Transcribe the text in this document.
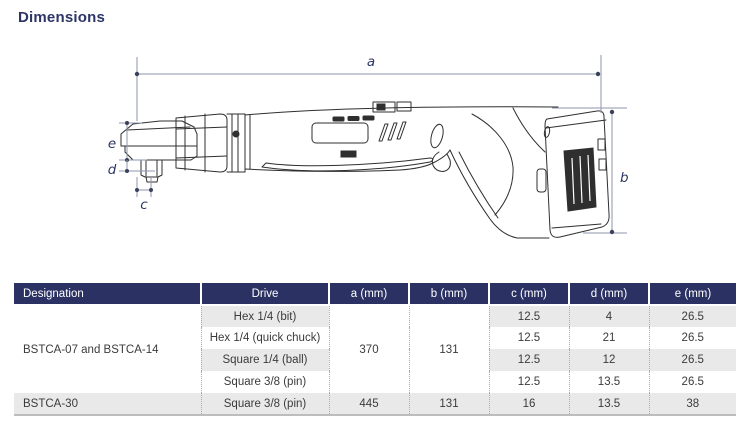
Dimensions
a
b
e
d
c
Designation	Drive	a (mm)	b (mm)	c (mm)	d (mm)	e (mm)
BSTCA-07 and BSTCA-14	Hex 1/4 (bit)	370	131	12.5	4	26.5
	Hex 1/4 (quick chuck)			12.5	21	26.5
	Square 1/4 (ball)			12.5	12	26.5
	Square 3/8 (pin)			12.5	13.5	26.5
BSTCA-30	Square 3/8 (pin)	445	131	16	13.5	38
